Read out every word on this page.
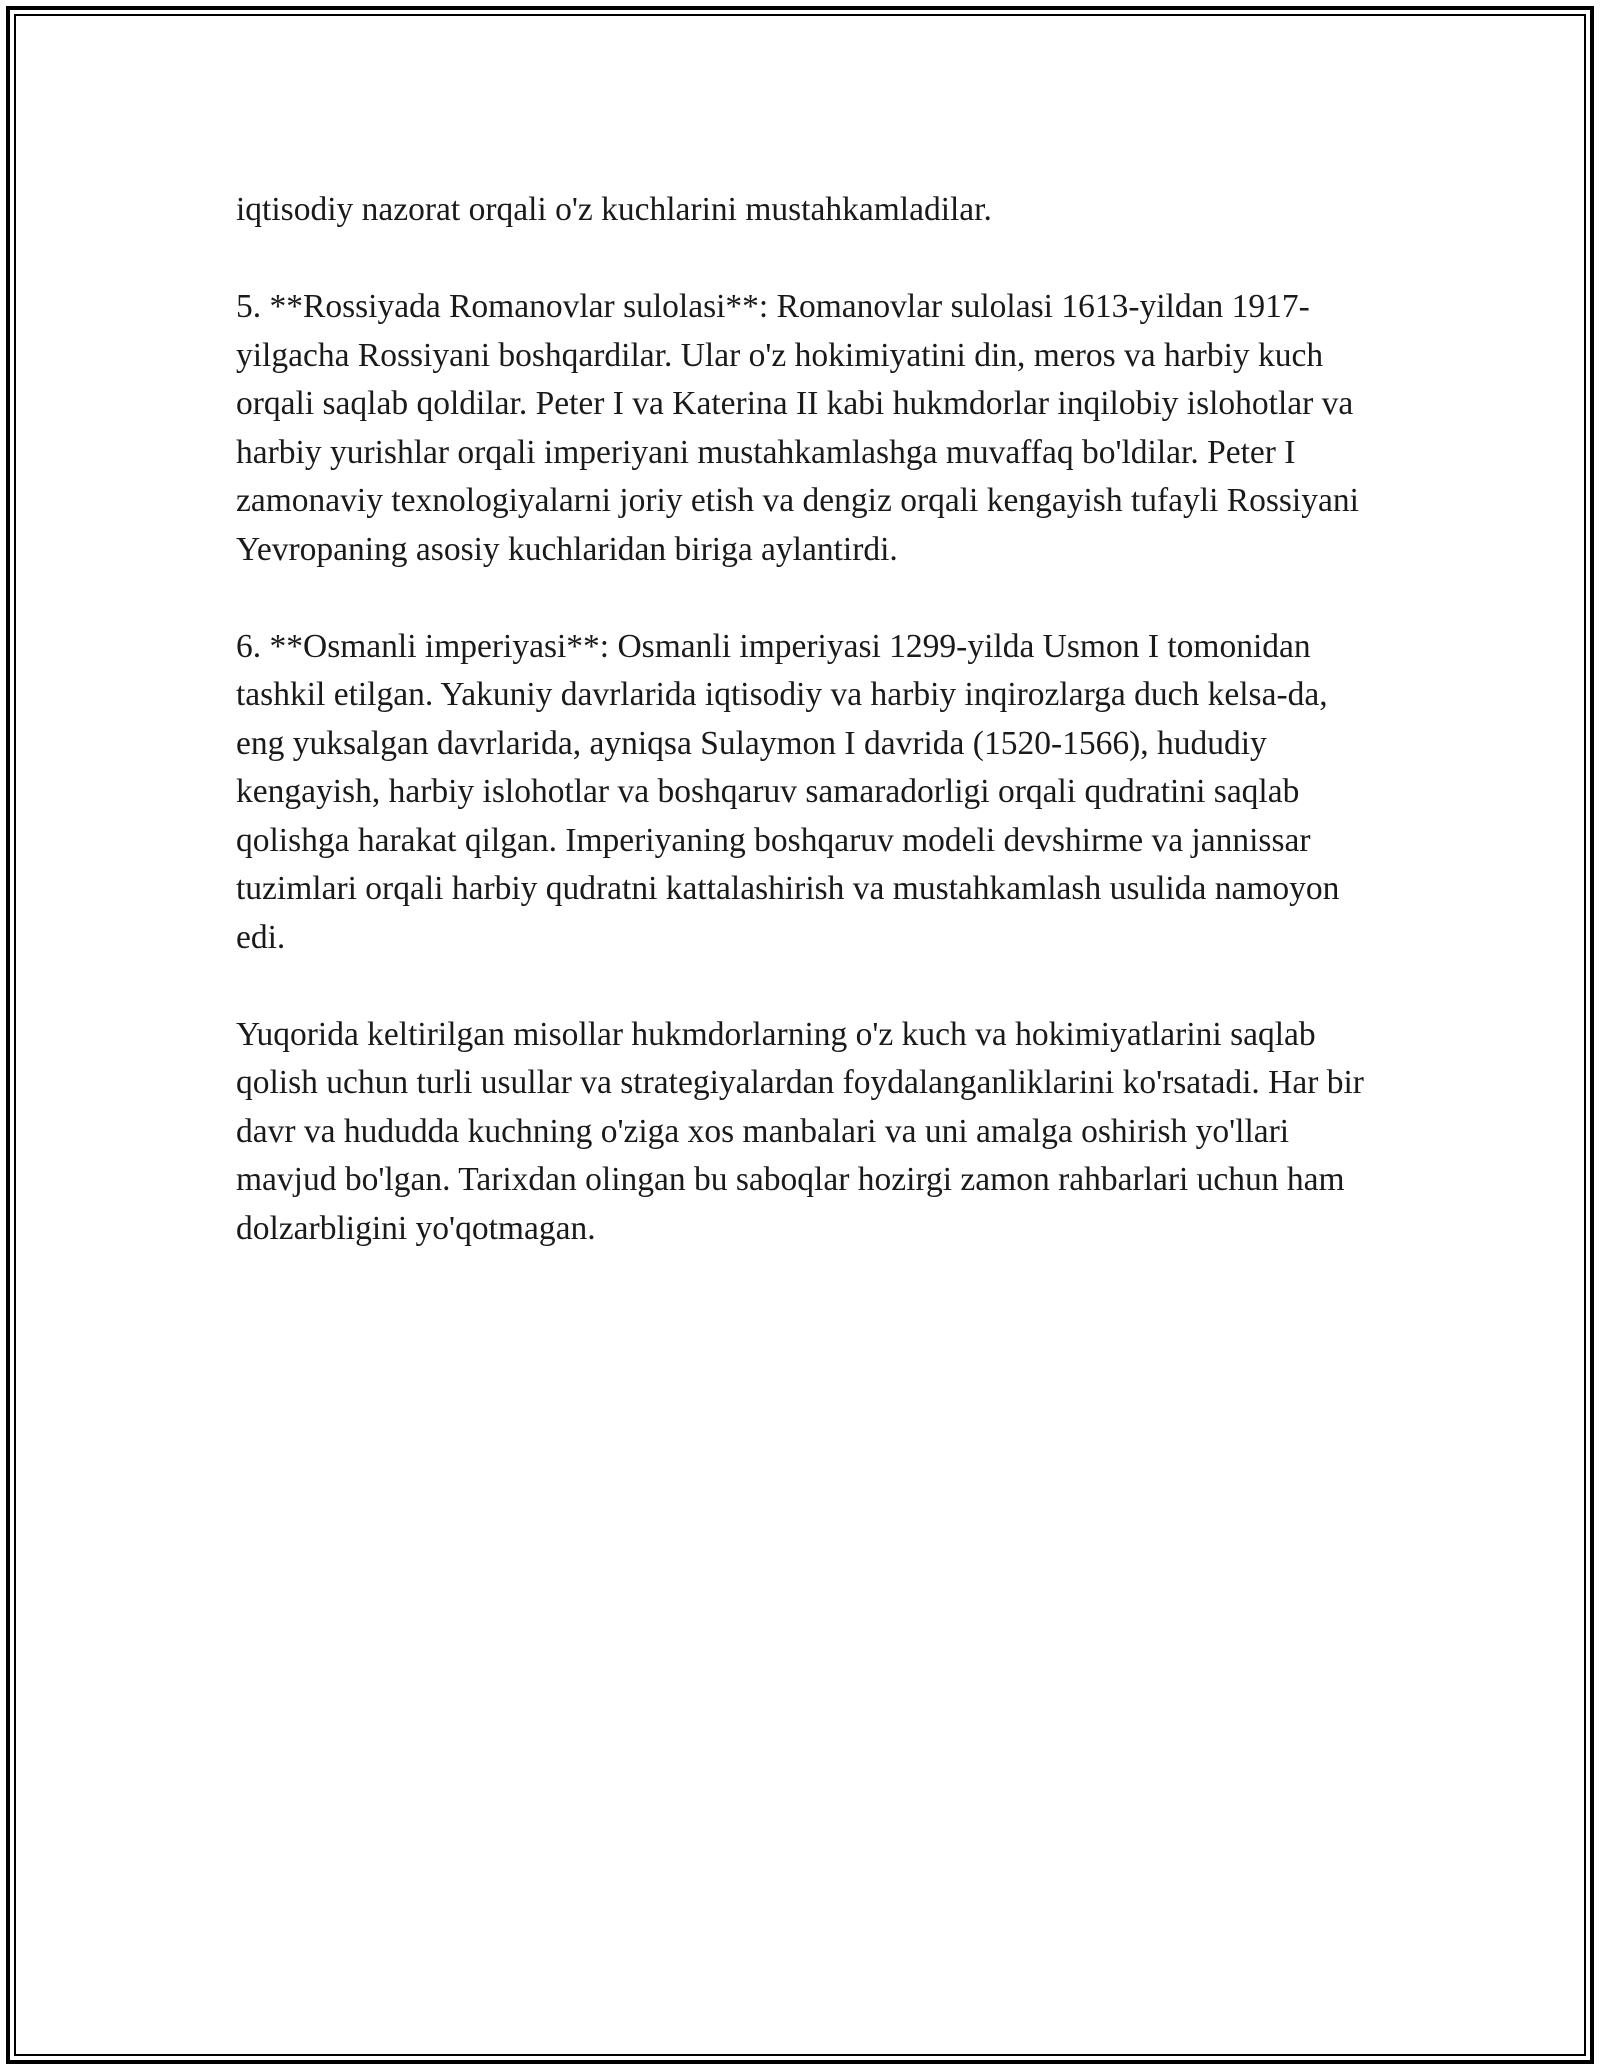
iqtisodiy nazorat orqali o'z kuchlarini mustahkamladilar.

5. **Rossiyada Romanovlar sulolasi**: Romanovlar sulolasi 1613-yildan 1917-yilgacha Rossiyani boshqardilar. Ular o'z hokimiyatini din, meros va harbiy kuch orqali saqlab qoldilar. Peter I va Katerina II kabi hukmdorlar inqilobiy islohotlar va harbiy yurishlar orqali imperiyani mustahkamlashga muvaffaq bo'ldilar. Peter I zamonaviy texnologiyalarni joriy etish va dengiz orqali kengayish tufayli Rossiyani Yevropaning asosiy kuchlaridan biriga aylantirdi.

6. **Osmanli imperiyasi**: Osmanli imperiyasi 1299-yilda Usmon I tomonidan tashkil etilgan. Yakuniy davrlarida iqtisodiy va harbiy inqirozlarga duch kelsa-da, eng yuksalgan davrlarida, ayniqsa Sulaymon I davrida (1520-1566), hududiy kengayish, harbiy islohotlar va boshqaruv samaradorligi orqali qudratini saqlab qolishga harakat qilgan. Imperiyaning boshqaruv modeli devshirme va jannissar tuzimlari orqali harbiy qudratni kattalashirish va mustahkamlash usulida namoyon edi.

Yuqorida keltirilgan misollar hukmdorlarning o'z kuch va hokimiyatlarini saqlab qolish uchun turli usullar va strategiyalardan foydalanganliklarini ko'rsatadi. Har bir davr va hududda kuchning o'ziga xos manbalari va uni amalga oshirish yo'llari mavjud bo'lgan. Tarixdan olingan bu saboqlar hozirgi zamon rahbarlari uchun ham dolzarbligini yo'qotmagan.
